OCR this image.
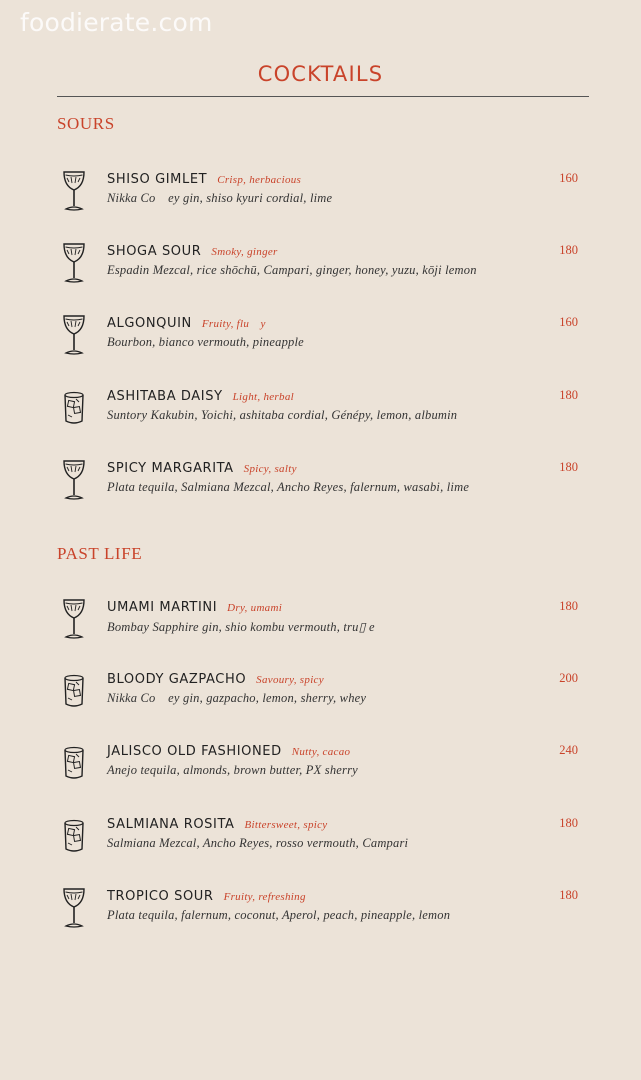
foodierate.com
COCKTAILS
SOURS
SHISO GIMLET Crisp, herbacious
Nikka Co ey gin, shiso kyuri cordial, lime
160
SHOGA SOUR Smoky, ginger
Espadin Mezcal, rice shōchū, Campari, ginger, honey, yuzu, kōji lemon
180
ALGONQUIN Fruity, flu y
Bourbon, bianco vermouth, pineapple
160
ASHITABA DAISY Light, herbal
Suntory Kakubin, Yoichi, ashitaba cordial, Génépy, lemon, albumin
180
SPICY MARGARITA Spicy, salty
Plata tequila, Salmiana Mezcal, Ancho Reyes, falernum, wasabi, lime
180
PAST LIFE
UMAMI MARTINI Dry, umami
Bombay Sapphire gin, shio kombu vermouth, tru▯ e
180
BLOODY GAZPACHO Savoury, spicy
Nikka Co ey gin, gazpacho, lemon, sherry, whey
200
JALISCO OLD FASHIONED Nutty, cacao
Anejo tequila, almonds, brown butter, PX sherry
240
SALMIANA ROSITA Bittersweet, spicy
Salmiana Mezcal, Ancho Reyes, rosso vermouth, Campari
180
TROPICO SOUR Fruity, refreshing
Plata tequila, falernum, coconut, Aperol, peach, pineapple, lemon
180
